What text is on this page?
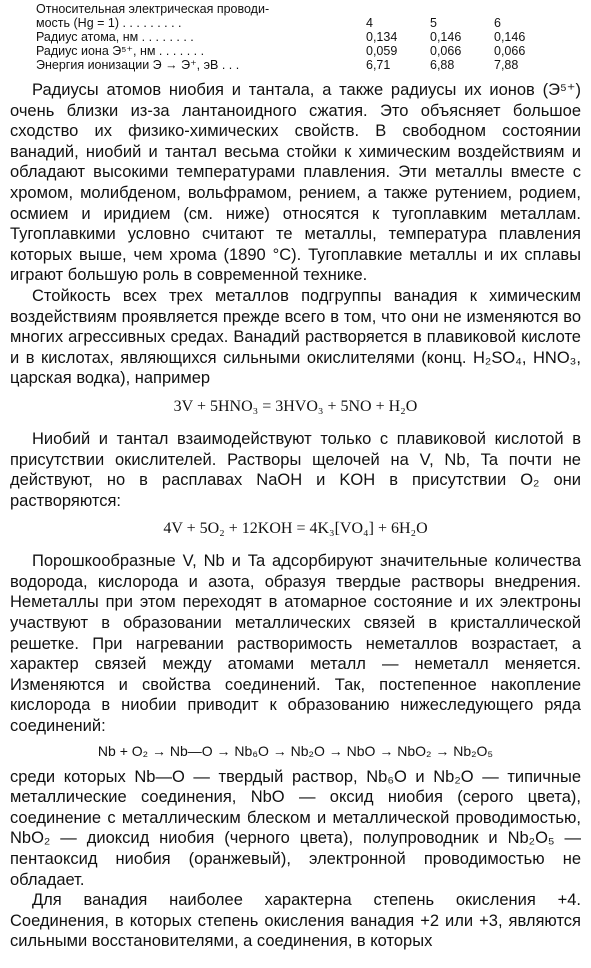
Относительная электрическая проводи-			
мость (Hg = 1) . . . . . . . . .	4	5	6
Радиус атома, нм . . . . . . . .	0,134	0,146	0,146
Радиус иона Э⁵⁺, нм . . . . . . .	0,059	0,066	0,066
Энергия ионизации Э → Э⁺, эВ . . .	6,71	6,88	7,88

Радиусы атомов ниобия и тантала, а также радиусы их ионов (Э⁵⁺) очень близки из-за лантаноидного сжатия. Это объясняет большое сходство их физико-химических свойств. В свободном состоянии ванадий, ниобий и тантал весьма стойки к химическим воздействиям и обладают высокими температурами плавления. Эти металлы вместе с хромом, молибденом, вольфрамом, рением, а также рутением, родием, осмием и иридием (см. ниже) относятся к тугоплавким металлам. Тугоплавкими условно считают те металлы, температура плавления которых выше, чем хрома (1890 °С). Тугоплавкие металлы и их сплавы играют большую роль в современной технике.

Стойкость всех трех металлов подгруппы ванадия к химическим воздействиям проявляется прежде всего в том, что они не изменяются во многих агрессивных средах. Ванадий растворяется в плавиковой кислоте и в кислотах, являющихся сильными окислителями (конц. H₂SO₄, HNO₃, царская водка), например

3V + 5HNO₃ = 3HVO₃ + 5NO + H₂O

Ниобий и тантал взаимодействуют только с плавиковой кислотой в присутствии окислителей. Растворы щелочей на V, Nb, Ta почти не действуют, но в расплавах NaOH и KOH в присутствии O₂ они растворяются:

4V + 5O₂ + 12KOH = 4K₃[VO₄] + 6H₂O

Порошкообразные V, Nb и Ta адсорбируют значительные количества водорода, кислорода и азота, образуя твердые растворы внедрения. Неметаллы при этом переходят в атомарное состояние и их электроны участвуют в образовании металлических связей в кристаллической решетке. При нагревании растворимость неметаллов возрастает, а характер связей между атомами металл — неметалл меняется. Изменяются и свойства соединений. Так, постепенное накопление кислорода в ниобии приводит к образованию нижеследующего ряда соединений:

Nb + O₂ → Nb—O → Nb₆O → Nb₂O → NbO → NbO₂ → Nb₂O₅

среди которых Nb—O — твердый раствор, Nb₆O и Nb₂O — типичные металлические соединения, NbO — оксид ниобия (серого цвета), соединение с металлическим блеском и металлической проводимостью, NbO₂ — диоксид ниобия (черного цвета), полупроводник и Nb₂O₅ — пентаоксид ниобия (оранжевый), электронной проводимостью не обладает.

Для ванадия наиболее характерна степень окисления +4. Соединения, в которых степень окисления ванадия +2 или +3, являются сильными восстановителями, а соединения, в которых
